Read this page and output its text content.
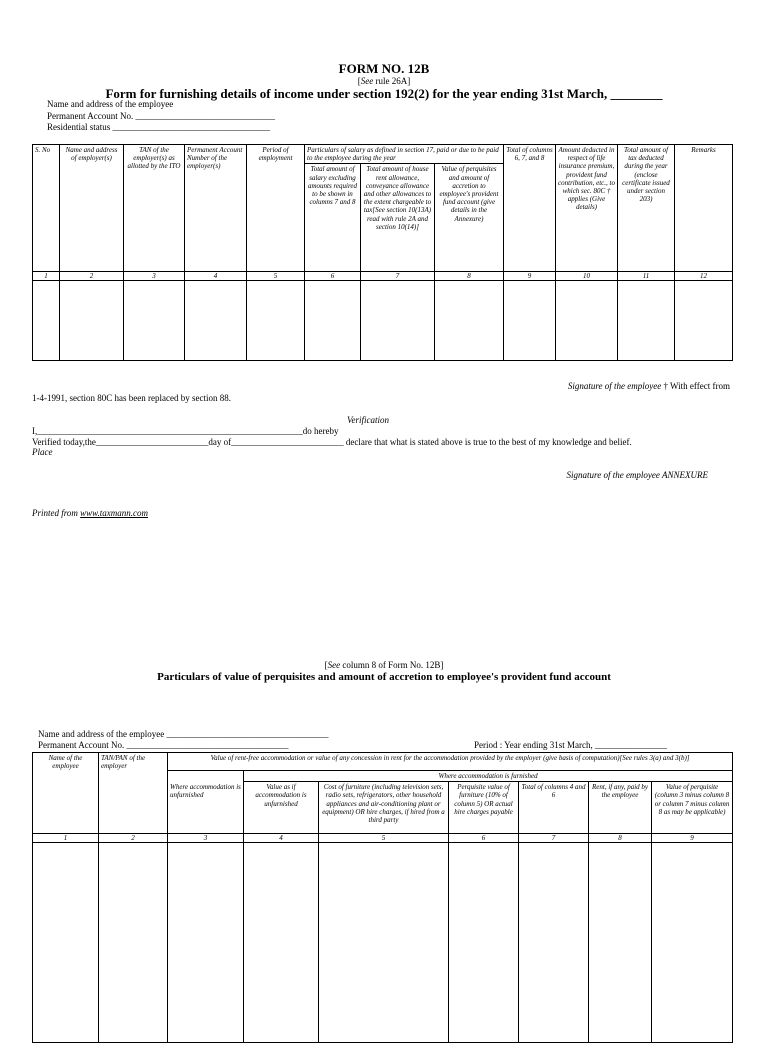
FORM NO. 12B
[See rule 26A]
Form for furnishing details of income under section 192(2) for the year ending 31st March, ________
Name and address of the employee
Permanent Account No. _______________________________
Residential status ___________________________________
S. No	Name and address of employer(s)	TAN of the employer(s) as allotted by the ITO	Permanent Account Number of the employer(s)	Period of employment	Particulars of salary as defined in section 17, paid or due to be paid to the employee during the year			Total of columns 6, 7, and 8	Amount deducted in respect of life insurance premium, provident fund contribution, etc., to which sec. 80C † applies (Give details)	Total amount of tax deducted during the year (enclose certificate issued under section 203)	Remarks
					Total amount of salary excluding amounts required to be shown in columns 7 and 8	Total amount of house rent allowance, conveyance allowance and other allowances to the extent chargeable to tax[See section 10(13A) read with rule 2A and section 10(14)]	Value of perquisites and amount of accretion to employee's provident fund account (give details in the Annexure)				
1	2	3	4	5	6	7	8	9	10	11	12

Signature of the employee † With effect from
1-4-1991, section 80C has been replaced by section 88.
Verification
I,___________________________________________________________do hereby
Verified today,the_________________________day of_________________________ declare that what is stated above is true to the best of my knowledge and belief.
Place
Signature of the employee ANNEXURE
Printed from www.taxmann.com
[See column 8 of Form No. 12B]
Particulars of value of perquisites and amount of accretion to employee's provident fund account
Name and address of the employee ____________________________________
Permanent Account No. ____________________________________	Period : Year ending 31st March, ________________
Name of the employee	TAN/PAN of the employer	Value of rent-free accommodation or value of any concession in rent for the accommodation provided by the employer (give basis of computation)[See rules 3(a) and 3(b)]						
			Where accommodation is furnished					
		Where accommodation is unfurnished	Value as if accommodation is unfurnished	Cost of furniture (including television sets, radio sets, refrigerators, other household appliances and air-conditioning plant or equipment) OR hire charges, if hired from a third party	Perquisite value of furniture (10% of column 5) OR actual hire charges payable	Total of columns 4 and 6	Rent, if any, paid by the employee	Value of perquisite (column 3 minus column 8 or column 7 minus column 8 as may be applicable)
1	2	3	4	5	6	7	8	9
